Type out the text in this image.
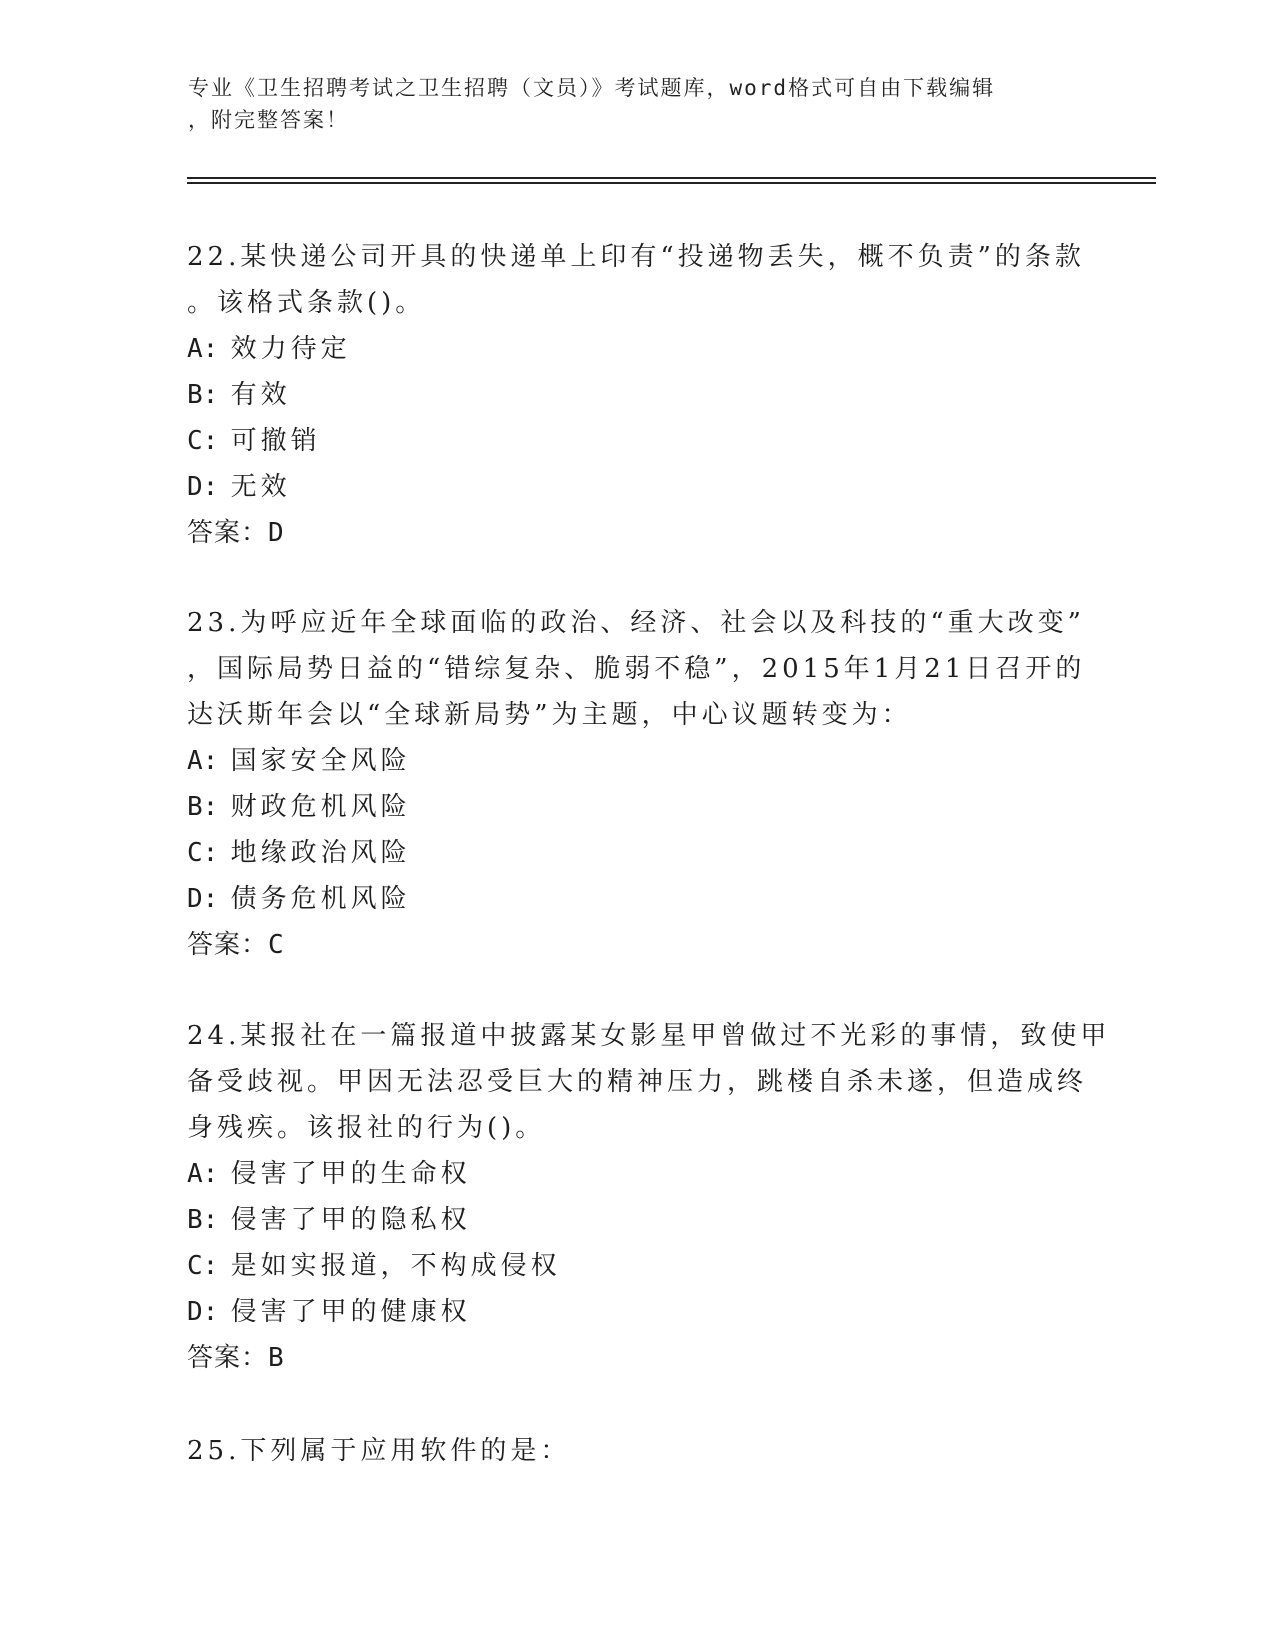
专业《卫生招聘考试之卫生招聘（文员）》考试题库，word格式可自由下载编辑
，附完整答案！
22.某快递公司开具的快递单上印有“投递物丢失，概不负责”的条款
。该格式条款()。
A: 效力待定
B: 有效
C: 可撤销
D: 无效
答案：D
23.为呼应近年全球面临的政治、经济、社会以及科技的“重大改变”
，国际局势日益的“错综复杂、脆弱不稳”，2015年1月21日召开的
达沃斯年会以“全球新局势”为主题，中心议题转变为：
A: 国家安全风险
B: 财政危机风险
C: 地缘政治风险
D: 债务危机风险
答案：C
24.某报社在一篇报道中披露某女影星甲曾做过不光彩的事情，致使甲
备受歧视。甲因无法忍受巨大的精神压力，跳楼自杀未遂，但造成终
身残疾。该报社的行为()。
A: 侵害了甲的生命权
B: 侵害了甲的隐私权
C: 是如实报道，不构成侵权
D: 侵害了甲的健康权
答案：B
25.下列属于应用软件的是：
